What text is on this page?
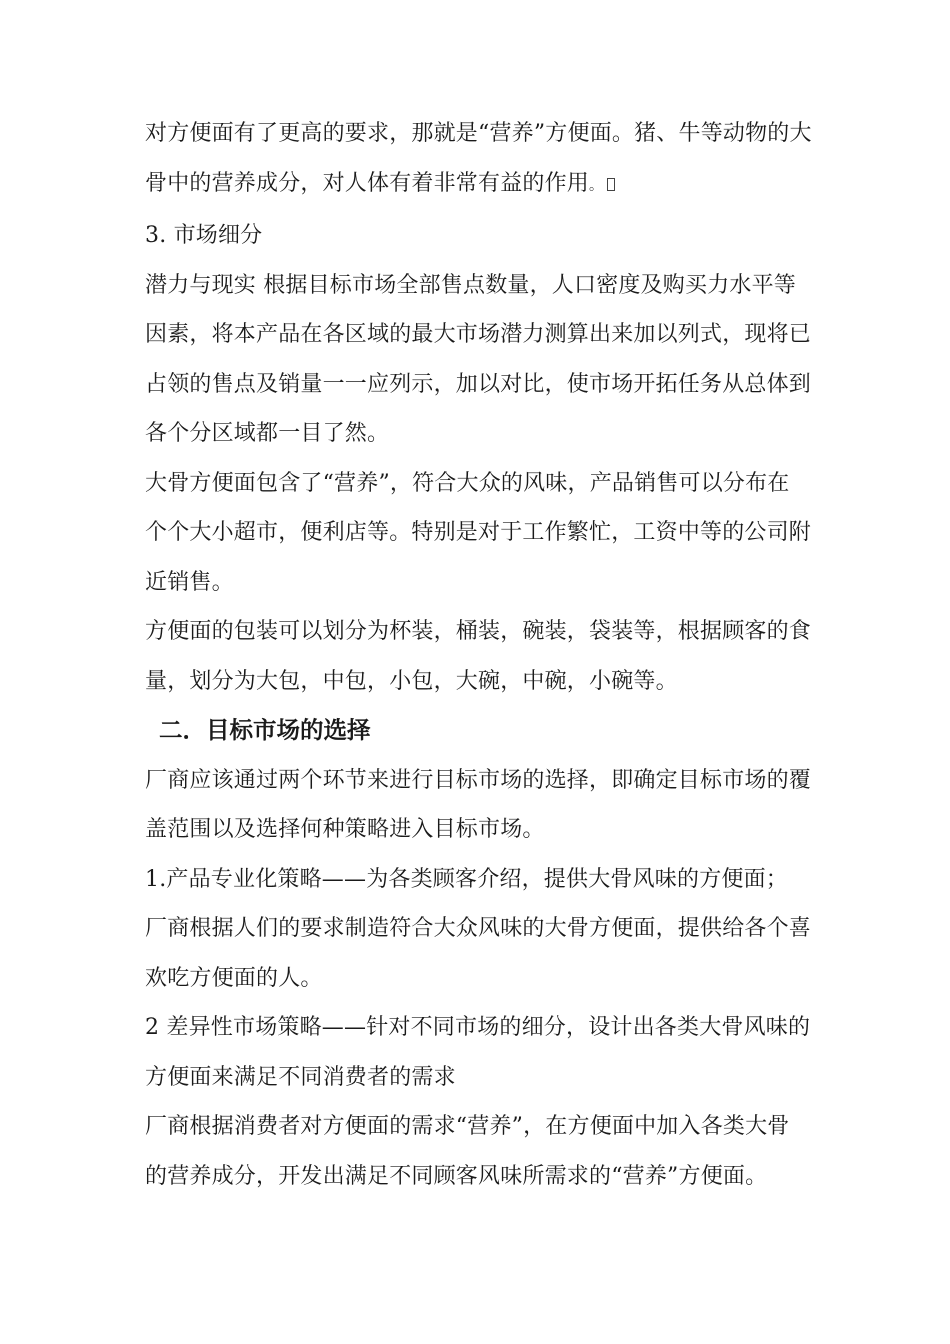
对方便面有了更高的要求，那就是“营养”方便面。猪、牛等动物的大
骨中的营养成分，对人体有着非常有益的作用。

3. 市场细分

潜力与现实 根据目标市场全部售点数量，人口密度及购买力水平等
因素，将本产品在各区域的最大市场潜力测算出来加以列式，现将已
占领的售点及销量一一应列示，加以对比，使市场开拓任务从总体到
各个分区域都一目了然。

大骨方便面包含了“营养”，符合大众的风味，产品销售可以分布在
个个大小超市，便利店等。特别是对于工作繁忙，工资中等的公司附
近销售。

方便面的包装可以划分为杯装，桶装，碗装，袋装等，根据顾客的食
量，划分为大包，中包，小包，大碗，中碗，小碗等。

二．目标市场的选择

厂商应该通过两个环节来进行目标市场的选择，即确定目标市场的覆
盖范围以及选择何种策略进入目标市场。

1.产品专业化策略——为各类顾客介绍，提供大骨风味的方便面；

厂商根据人们的要求制造符合大众风味的大骨方便面，提供给各个喜
欢吃方便面的人。

2 差异性市场策略——针对不同市场的细分，设计出各类大骨风味的
方便面来满足不同消费者的需求

厂商根据消费者对方便面的需求“营养”，在方便面中加入各类大骨
的营养成分，开发出满足不同顾客风味所需求的“营养”方便面。
